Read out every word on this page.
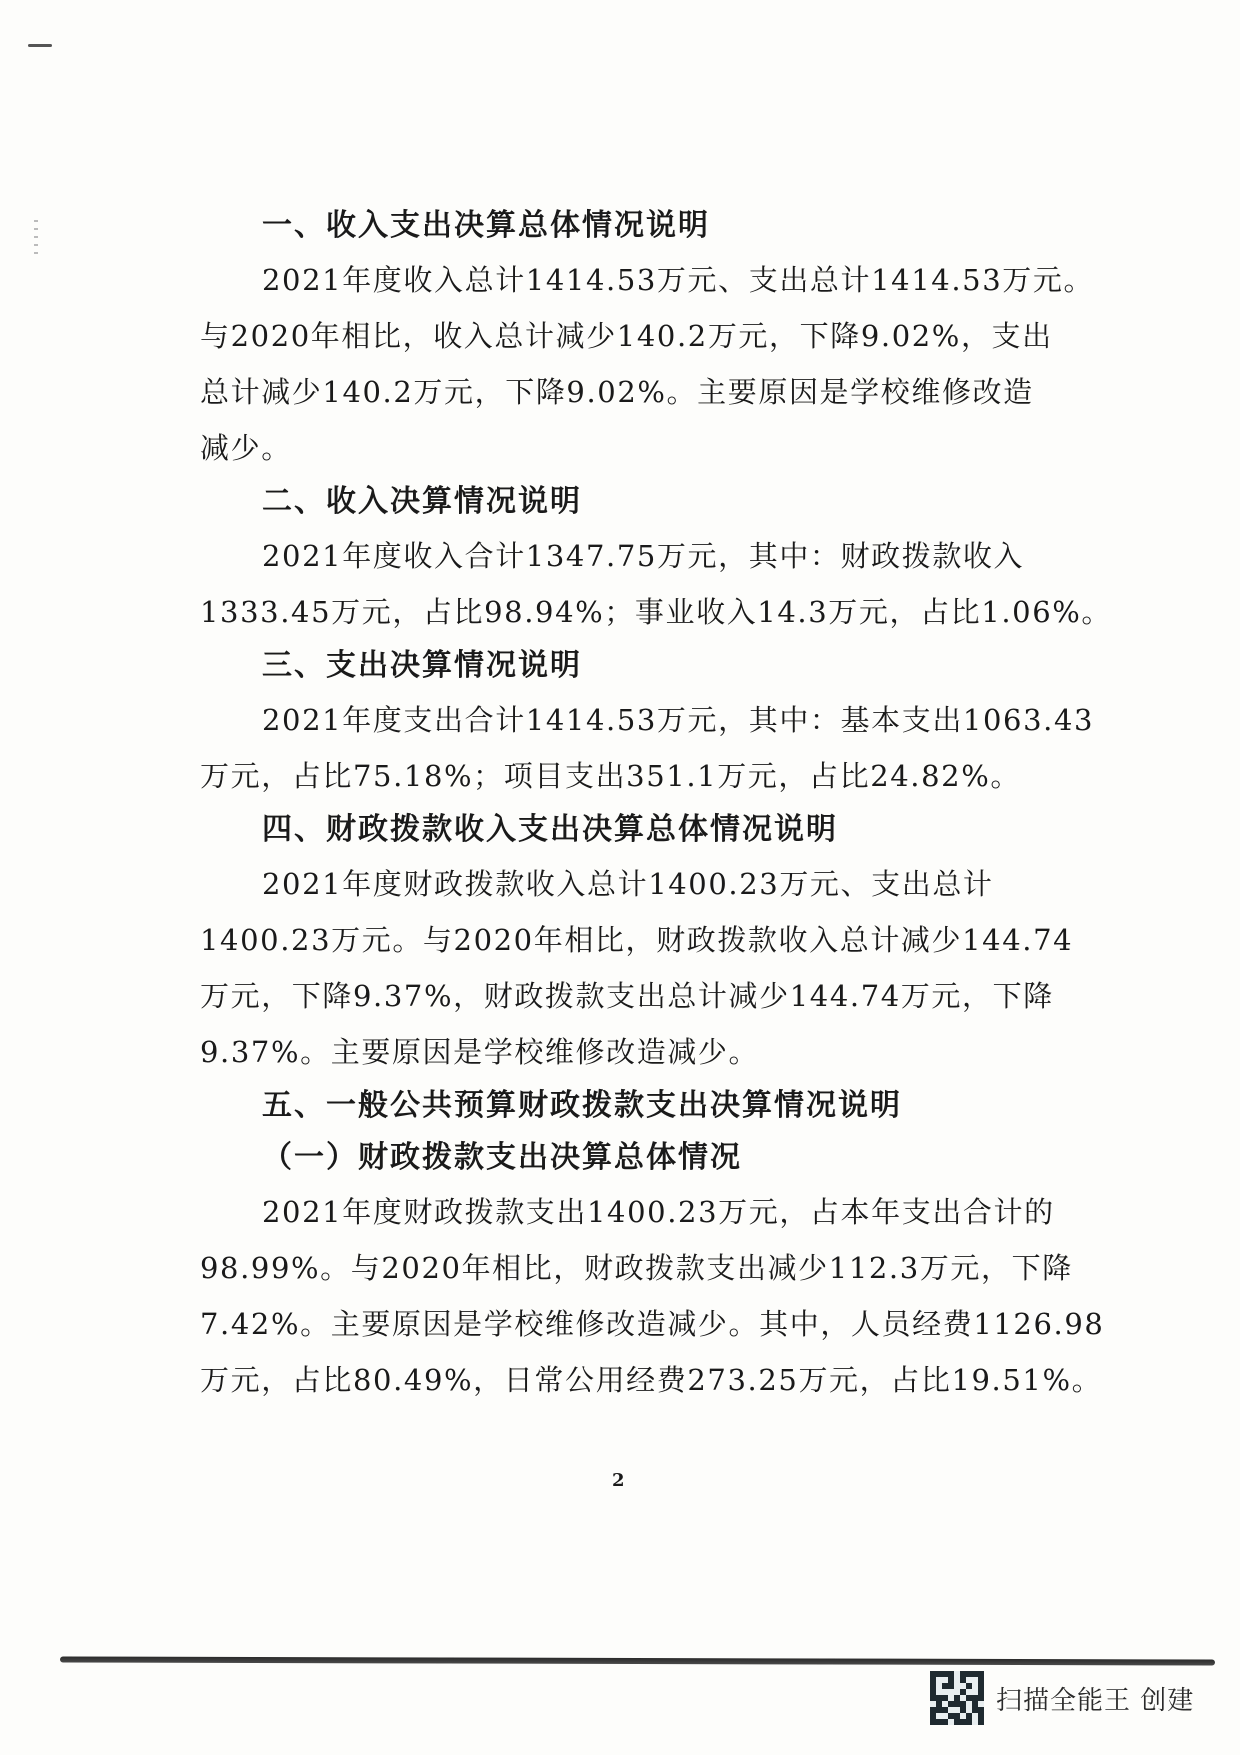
一、收入支出决算总体情况说明

2021年度收入总计1414.53万元、支出总计1414.53万元。
与2020年相比，收入总计减少140.2万元，下降9.02%，支出
总计减少140.2万元，下降9.02%。主要原因是学校维修改造
减少。

二、收入决算情况说明

2021年度收入合计1347.75万元，其中：财政拨款收入
1333.45万元，占比98.94%；事业收入14.3万元，占比1.06%。

三、支出决算情况说明

2021年度支出合计1414.53万元，其中：基本支出1063.43
万元，占比75.18%；项目支出351.1万元，占比24.82%。

四、财政拨款收入支出决算总体情况说明

2021年度财政拨款收入总计1400.23万元、支出总计
1400.23万元。与2020年相比，财政拨款收入总计减少144.74
万元，下降9.37%，财政拨款支出总计减少144.74万元，下降
9.37%。主要原因是学校维修改造减少。

五、一般公共预算财政拨款支出决算情况说明
（一）财政拨款支出决算总体情况

2021年度财政拨款支出1400.23万元，占本年支出合计的
98.99%。与2020年相比，财政拨款支出减少112.3万元，下降
7.42%。主要原因是学校维修改造减少。其中，人员经费1126.98
万元，占比80.49%，日常公用经费273.25万元，占比19.51%。

2
扫描全能王 创建
